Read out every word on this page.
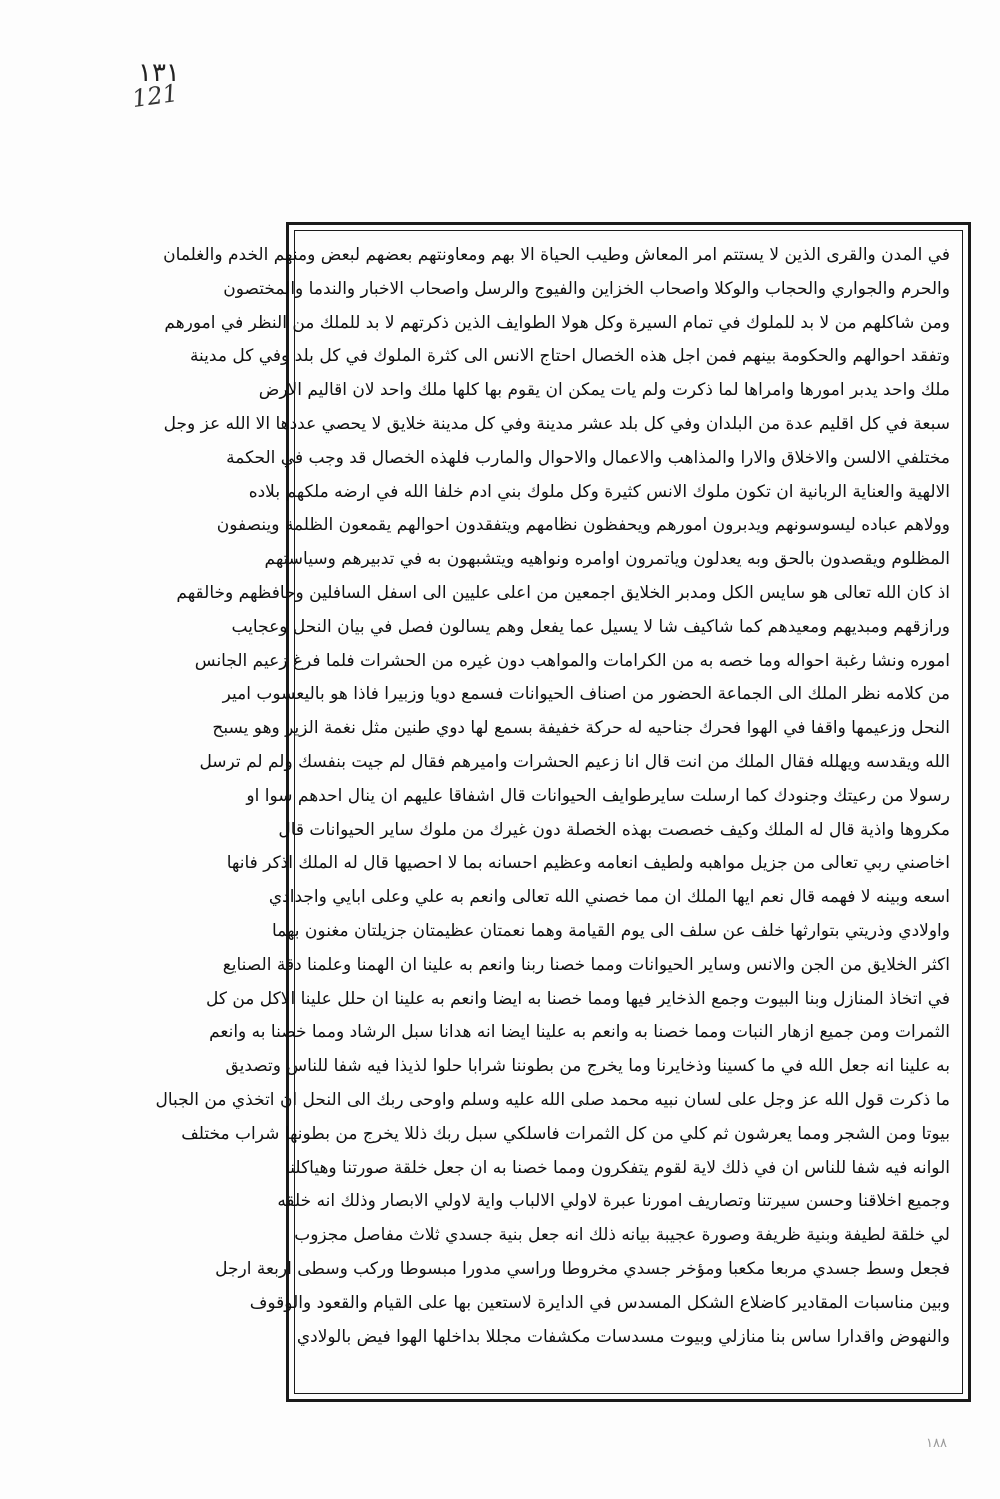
١٣١
121
في المدن والقرى الذين لا يستتم امر المعاش وطيب الحياة الا بهم ومعاونتهم بعضهم لبعض ومنهم الخدم والغلمان
والحرم والجواري والحجاب والوكلا واصحاب الخزاين والفيوج والرسل واصحاب الاخبار والندما والمختصون
ومن شاكلهم من لا بد للملوك في تمام السيرة وكل هولا الطوايف الذين ذكرتهم لا بد للملك من النظر في امورهم
وتفقد احوالهم والحكومة بينهم فمن اجل هذه الخصال احتاج الانس الى كثرة الملوك في كل بلد وفي كل مدينة
ملك واحد يدبر امورها وامراها لما ذكرت ولم يات يمكن ان يقوم بها كلها ملك واحد لان اقاليم الارض
سبعة في كل اقليم عدة من البلدان وفي كل بلد عشر مدينة وفي كل مدينة خلايق لا يحصي عددها الا الله عز وجل
مختلفي الالسن والاخلاق والارا والمذاهب والاعمال والاحوال والمارب فلهذه الخصال قد وجب في الحكمة
الالهية والعناية الربانية ان تكون ملوك الانس كثيرة وكل ملوك بني ادم خلفا الله في ارضه ملكهم بلاده
وولاهم عباده ليسوسونهم ويدبرون امورهم ويحفظون نظامهم ويتفقدون احوالهم يقمعون الظلمة وينصفون
المظلوم ويقصدون بالحق وبه يعدلون وياتمرون اوامره ونواهيه ويتشبهون به في تدبيرهم وسياستهم
اذ كان الله تعالى هو سايس الكل ومدبر الخلايق اجمعين من اعلى عليين الى اسفل السافلين وحافظهم وخالقهم
ورازقهم ومبديهم ومعيدهم كما شاكيف شا لا يسيل عما يفعل وهم يسالون فصل في بيان النحل وعجايب
اموره ونشا رغبة احواله وما خصه به من الكرامات والمواهب دون غيره من الحشرات فلما فرغ زعيم الجانس
من كلامه نظر الملك الى الجماعة الحضور من اصناف الحيوانات فسمع دويا وزبيرا فاذا هو باليعسوب امير
النحل وزعيمها واقفا في الهوا فحرك جناحيه له حركة خفيفة بسمع لها دوي طنين مثل نغمة الزير وهو يسبح
الله ويقدسه ويهلله فقال الملك من انت قال انا زعيم الحشرات واميرهم فقال لم جيت بنفسك ولم لم ترسل
رسولا من رعيتك وجنودك كما ارسلت سايرطوايف الحيوانات قال اشفاقا عليهم ان ينال احدهم سوا او
مكروها واذية قال له الملك وكيف خصصت بهذه الخصلة دون غيرك من ملوك ساير الحيوانات قال
اخاصني ربي تعالى من جزيل مواهبه ولطيف انعامه وعظيم احسانه بما لا احصيها قال له الملك اذكر فانها
اسعه وبينه لا فهمه قال نعم ايها الملك ان مما خصني الله تعالى وانعم به علي وعلى ابايي واجدادي
واولادي وذريتي بتوارثها خلف عن سلف الى يوم القيامة وهما نعمتان عظيمتان جزيلتان مغنون بهما
اكثر الخلايق من الجن والانس وساير الحيوانات ومما خصنا ربنا وانعم به علينا ان الهمنا وعلمنا دقة الصنايع
في اتخاذ المنازل وبنا البيوت وجمع الذخاير فيها ومما خصنا به ايضا وانعم به علينا ان حلل علينا الاكل من كل
الثمرات ومن جميع ازهار النبات ومما خصنا به وانعم به علينا ايضا انه هدانا سبل الرشاد ومما خصنا به وانعم
به علينا انه جعل الله في ما كسينا وذخايرنا وما يخرج من بطوننا شرابا حلوا لذيذا فيه شفا للناس وتصديق
ما ذكرت قول الله عز وجل على لسان نبيه محمد صلى الله عليه وسلم واوحى ربك الى النحل ان اتخذي من الجبال
بيوتا ومن الشجر ومما يعرشون ثم كلي من كل الثمرات فاسلكي سبل ربك ذللا يخرج من بطونها شراب مختلف
الوانه فيه شفا للناس ان في ذلك لاية لقوم يتفكرون ومما خصنا به ان جعل خلقة صورتنا وهياكلنا
وجميع اخلاقنا وحسن سيرتنا وتصاريف امورنا عبرة لاولي الالباب واية لاولي الابصار وذلك انه خلقه
لي خلقة لطيفة وبنية ظريفة وصورة عجيبة بيانه ذلك انه جعل بنية جسدي ثلاث مفاصل مجزوب
فجعل وسط جسدي مربعا مكعبا ومؤخر جسدي مخروطا وراسي مدورا مبسوطا وركب وسطى اربعة ارجل
وبين مناسبات المقادير كاضلاع الشكل المسدس في الدايرة لاستعين بها على القيام والقعود والوقوف
والنهوض واقدارا ساس بنا منازلي وبيوت مسدسات مكشفات مجللا بداخلها الهوا فيض بالولادي
۱۸۸
